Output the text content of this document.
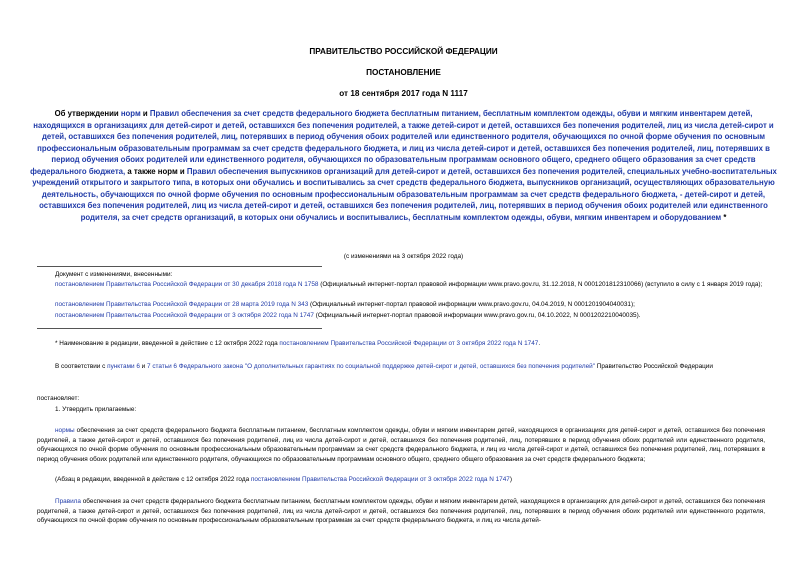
ПРАВИТЕЛЬСТВО РОССИЙСКОЙ ФЕДЕРАЦИИ
ПОСТАНОВЛЕНИЕ
от 18 сентября 2017 года N 1117
Об утверждении норм и Правил обеспечения за счет средств федерального бюджета бесплатным питанием, бесплатным комплектом одежды, обуви и мягким инвентарем детей, находящихся в организациях для детей-сирот и детей, оставшихся без попечения родителей, а также детей-сирот и детей, оставшихся без попечения родителей, лиц из числа детей-сирот и детей, оставшихся без попечения родителей, лиц, потерявших в период обучения обоих родителей или единственного родителя, обучающихся по очной форме обучения по основным профессиональным образовательным программам за счет средств федерального бюджета, и лиц из числа детей-сирот и детей, оставшихся без попечения родителей, лиц, потерявших в период обучения обоих родителей или единственного родителя, обучающихся по образовательным программам основного общего, среднего общего образования за счет средств федерального бюджета, а также норм и Правил обеспечения выпускников организаций для детей-сирот и детей, оставшихся без попечения родителей, специальных учебно-воспитательных учреждений открытого и закрытого типа, в которых они обучались и воспитывались за счет средств федерального бюджета, выпускников организаций, осуществляющих образовательную деятельность, обучающихся по очной форме обучения по основным профессиональным образовательным программам за счет средств федерального бюджета, - детей-сирот и детей, оставшихся без попечения родителей, лиц из числа детей-сирот и детей, оставшихся без попечения родителей, лиц, потерявших в период обучения обоих родителей или единственного родителя, за счет средств организаций, в которых они обучались и воспитывались, бесплатным комплектом одежды, обуви, мягким инвентарем и оборудованием *
(с изменениями на 3 октября 2022 года)
Документ с изменениями, внесенными:
постановлением Правительства Российской Федерации от 30 декабря 2018 года N 1758 (Официальный интернет-портал правовой информации www.pravo.gov.ru, 31.12.2018, N 0001201812310066) (вступило в силу с 1 января 2019 года);
постановлением Правительства Российской Федерации от 28 марта 2019 года N 343 (Официальный интернет-портал правовой информации www.pravo.gov.ru, 04.04.2019, N 0001201904040031);
постановлением Правительства Российской Федерации от 3 октября 2022 года N 1747 (Официальный интернет-портал правовой информации www.pravo.gov.ru, 04.10.2022, N 0001202210040035).
* Наименование в редакции, введенной в действие с 12 октября 2022 года постановлением Правительства Российской Федерации от 3 октября 2022 года N 1747.
В соответствии с пунктами 6 и 7 статьи 6 Федерального закона "О дополнительных гарантиях по социальной поддержке детей-сирот и детей, оставшихся без попечения родителей" Правительство Российской Федерации
постановляет:
1. Утвердить прилагаемые:
нормы обеспечения за счет средств федерального бюджета бесплатным питанием, бесплатным комплектом одежды, обуви и мягким инвентарем детей, находящихся в организациях для детей-сирот и детей, оставшихся без попечения родителей, а также детей-сирот и детей, оставшихся без попечения родителей, лиц из числа детей-сирот и детей, оставшихся без попечения родителей, лиц, потерявших в период обучения обоих родителей или единственного родителя, обучающихся по очной форме обучения по основным профессиональным образовательным программам за счет средств федерального бюджета, и лиц из числа детей-сирот и детей, оставшихся без попечения родителей, лиц, потерявших в период обучения обоих родителей или единственного родителя, обучающихся по образовательным программам основного общего, среднего общего образования за счет средств федерального бюджета;
(Абзац в редакции, введенной в действие с 12 октября 2022 года постановлением Правительства Российской Федерации от 3 октября 2022 года N 1747)
Правила обеспечения за счет средств федерального бюджета бесплатным питанием, бесплатным комплектом одежды, обуви и мягким инвентарем детей, находящихся в организациях для детей-сирот и детей, оставшихся без попечения родителей, а также детей-сирот и детей, оставшихся без попечения родителей, лиц из числа детей-сирот и детей, оставшихся без попечения родителей, лиц, потерявших в период обучения обоих родителей или единственного родителя, обучающихся по очной форме обучения по основным профессиональным образовательным программам за счет средств федерального бюджета, и лиц из числа детей-
